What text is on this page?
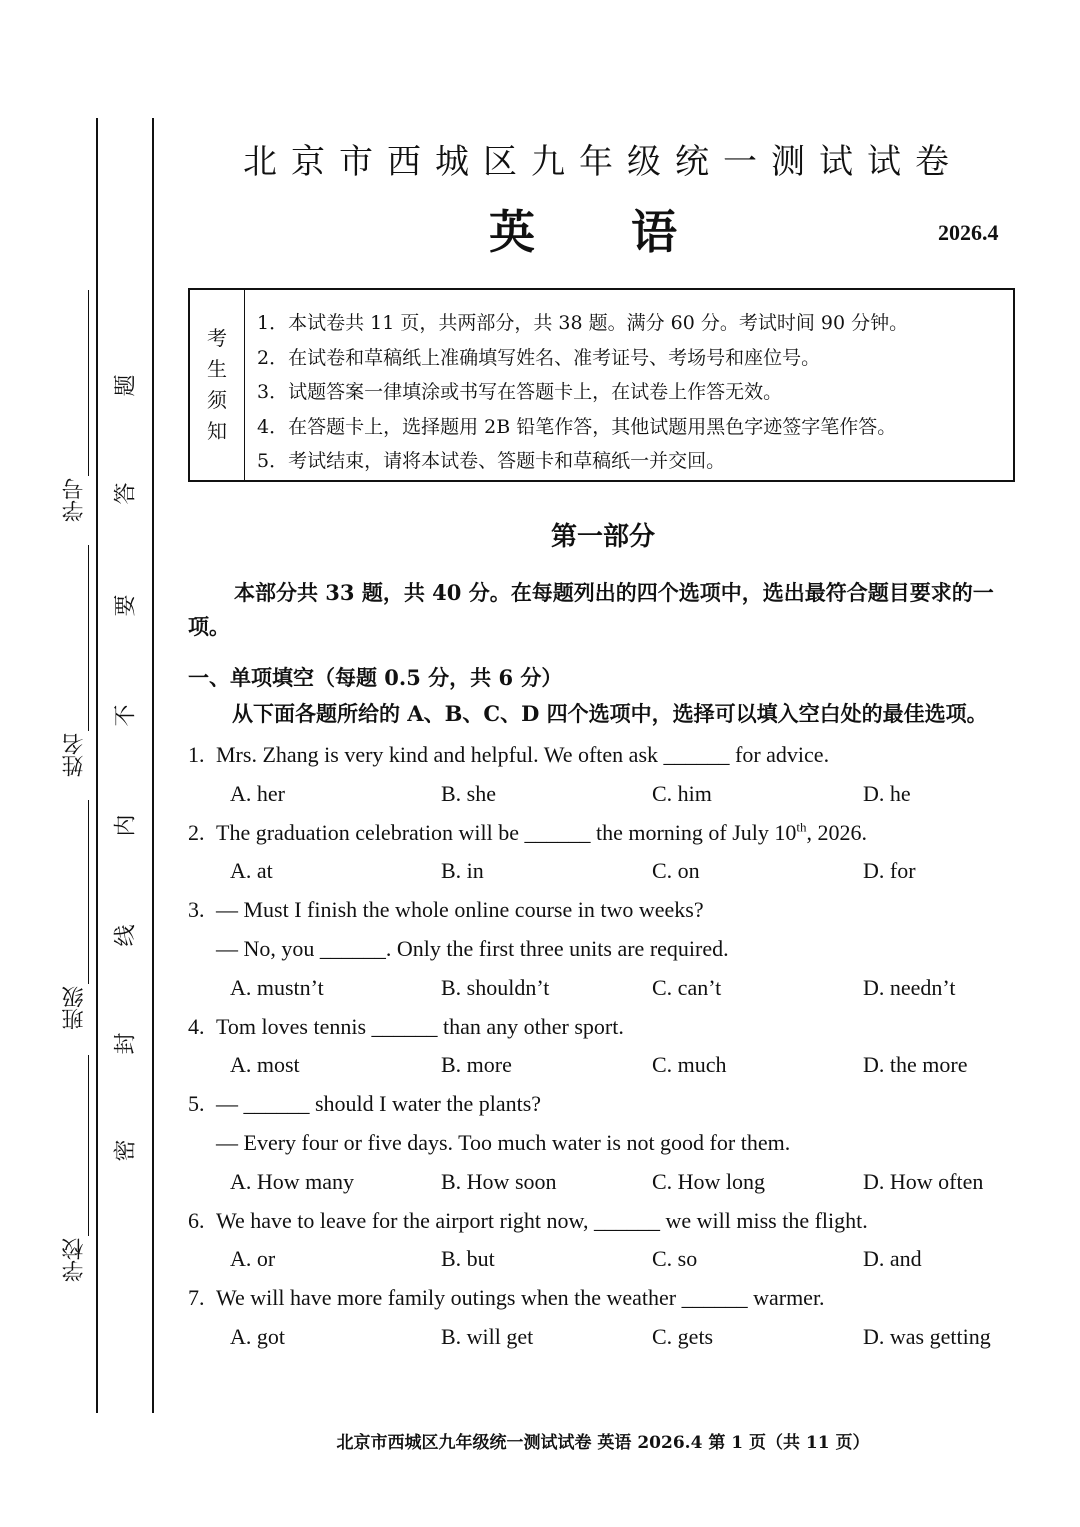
学号
姓名
班级
学校
题
答
要
不
内
线
封
密
北京市西城区九年级统一测试试卷
英 语	2026.4
考
生
须
知
1．本试卷共 11 页，共两部分，共 38 题。满分 60 分。考试时间 90 分钟。
2．在试卷和草稿纸上准确填写姓名、准考证号、考场号和座位号。
3．试题答案一律填涂或书写在答题卡上，在试卷上作答无效。
4．在答题卡上，选择题用 2B 铅笔作答，其他试题用黑色字迹签字笔作答。
5．考试结束，请将本试卷、答题卡和草稿纸一并交回。
第一部分
本部分共 33 题，共 40 分。在每题列出的四个选项中，选出最符合题目要求的一项。
一、单项填空（每题 0.5 分，共 6 分）
从下面各题所给的 A、B、C、D 四个选项中，选择可以填入空白处的最佳选项。
1. Mrs. Zhang is very kind and helpful. We often ask ______ for advice.
A. her	B. she	C. him	D. he
2. The graduation celebration will be ______ the morning of July 10th, 2026.
A. at	B. in	C. on	D. for
3. — Must I finish the whole online course in two weeks?
— No, you ______. Only the first three units are required.
A. mustn’t	B. shouldn’t	C. can’t	D. needn’t
4. Tom loves tennis ______ than any other sport.
A. most	B. more	C. much	D. the more
5. — ______ should I water the plants?
— Every four or five days. Too much water is not good for them.
A. How many	B. How soon	C. How long	D. How often
6. We have to leave for the airport right now, ______ we will miss the flight.
A. or	B. but	C. so	D. and
7. We will have more family outings when the weather ______ warmer.
A. got	B. will get	C. gets	D. was getting
北京市西城区九年级统一测试试卷 英语 2026.4 第 1 页（共 11 页）
